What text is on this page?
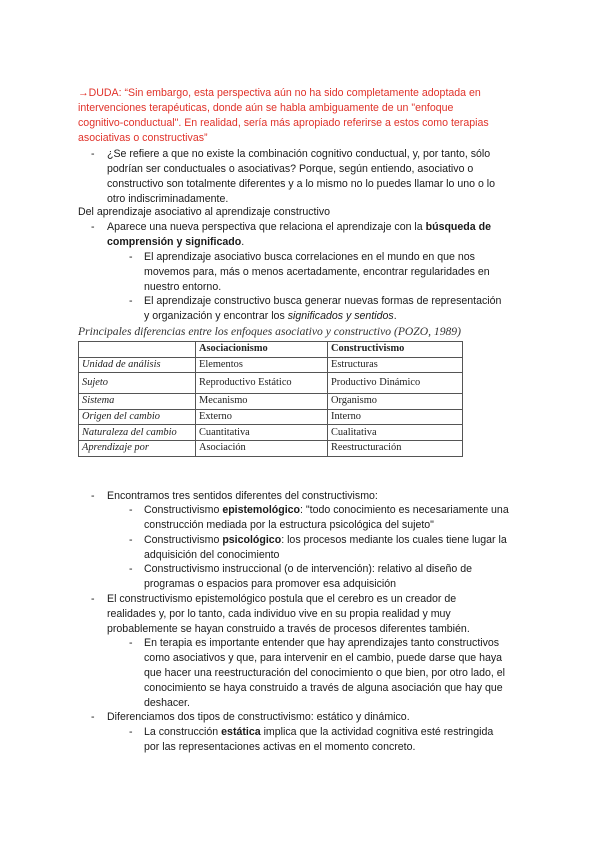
→DUDA: “Sin embargo, esta perspectiva aún no ha sido completamente adoptada en
intervenciones terapéuticas, donde aún se habla ambiguamente de un "enfoque
cognitivo-conductual". En realidad, sería más apropiado referirse a estos como terapias
asociativas o constructivas”
-	¿Se refiere a que no existe la combinación cognitivo conductual, y, por tanto, sólo
podrían ser conductuales o asociativas? Porque, según entiendo, asociativo o
constructivo son totalmente diferentes y a lo mismo no lo puedes llamar lo uno o lo
otro indiscriminadamente.
Del aprendizaje asociativo al aprendizaje constructivo
-	Aparece una nueva perspectiva que relaciona el aprendizaje con la búsqueda de
comprensión y significado.
-	El aprendizaje asociativo busca correlaciones en el mundo en que nos
movemos para, más o menos acertadamente, encontrar regularidades en
nuestro entorno.
-	El aprendizaje constructivo busca generar nuevas formas de representación
y organización y encontrar los significados y sentidos.
Principales diferencias entre los enfoques asociativo y constructivo (POZO, 1989)
	Asociacionismo	Constructivismo
Unidad de análisis	Elementos	Estructuras
Sujeto	Reproductivo Estático	Productivo Dinámico
Sistema	Mecanismo	Organismo
Origen del cambio	Externo	Interno
Naturaleza del cambio	Cuantitativa	Cualitativa
Aprendizaje por	Asociación	Reestructuración
-	Encontramos tres sentidos diferentes del constructivismo:
-	Constructivismo epistemológico: "todo conocimiento es necesariamente una
construcción mediada por la estructura psicológica del sujeto"
-	Constructivismo psicológico: los procesos mediante los cuales tiene lugar la
adquisición del conocimiento
-	Constructivismo instruccional (o de intervención): relativo al diseño de
programas o espacios para promover esa adquisición
-	El constructivismo epistemológico postula que el cerebro es un creador de
realidades y, por lo tanto, cada individuo vive en su propia realidad y muy
probablemente se hayan construido a través de procesos diferentes también.
-	En terapia es importante entender que hay aprendizajes tanto constructivos
como asociativos y que, para intervenir en el cambio, puede darse que haya
que hacer una reestructuración del conocimiento o que bien, por otro lado, el
conocimiento se haya construido a través de alguna asociación que hay que
deshacer.
-	Diferenciamos dos tipos de constructivismo: estático y dinámico.
-	La construcción estática implica que la actividad cognitiva esté restringida
por las representaciones activas en el momento concreto.
